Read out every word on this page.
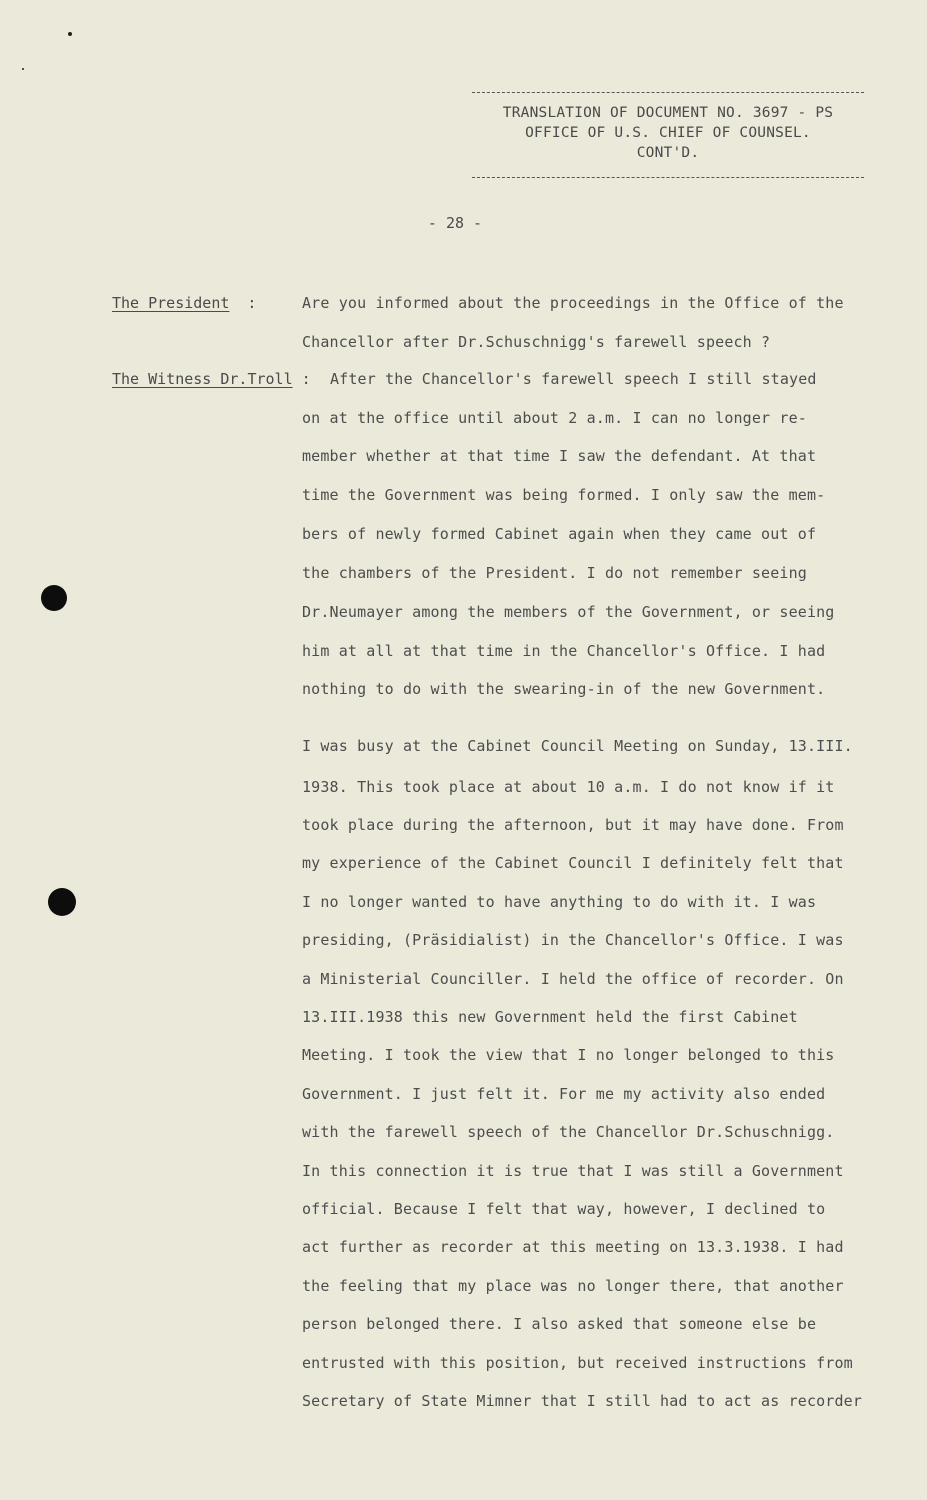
TRANSLATION OF DOCUMENT NO. 3697 - PS
OFFICE OF U.S. CHIEF OF COUNSEL.
CONT'D.
- 28 -
The President :
The Witness Dr.Troll :
Are you informed about the proceedings in the Office of the
Chancellor after Dr.Schuschnigg's farewell speech ?
After the Chancellor's farewell speech I still stayed
on at the office until about 2 a.m. I can no longer re-
member whether at that time I saw the defendant. At that
time the Government was being formed. I only saw the mem-
bers of newly formed Cabinet again when they came out of
the chambers of the President. I do not remember seeing
Dr.Neumayer among the members of the Government, or seeing
him at all at that time in the Chancellor's Office. I had
nothing to do with the swearing-in of the new Government.
I was busy at the Cabinet Council Meeting on Sunday, 13.III.
1938. This took place at about 10 a.m. I do not know if it
took place during the afternoon, but it may have done. From
my experience of the Cabinet Council I definitely felt that
I no longer wanted to have anything to do with it. I was
presiding, (Präsidialist) in the Chancellor's Office. I was
a Ministerial Counciller. I held the office of recorder. On
13.III.1938 this new Government held the first Cabinet
Meeting. I took the view that I no longer belonged to this
Government. I just felt it. For me my activity also ended
with the farewell speech of the Chancellor Dr.Schuschnigg.
In this connection it is true that I was still a Government
official. Because I felt that way, however, I declined to
act further as recorder at this meeting on 13.3.1938. I had
the feeling that my place was no longer there, that another
person belonged there. I also asked that someone else be
entrusted with this position, but received instructions from
Secretary of State Mimner that I still had to act as recorder
